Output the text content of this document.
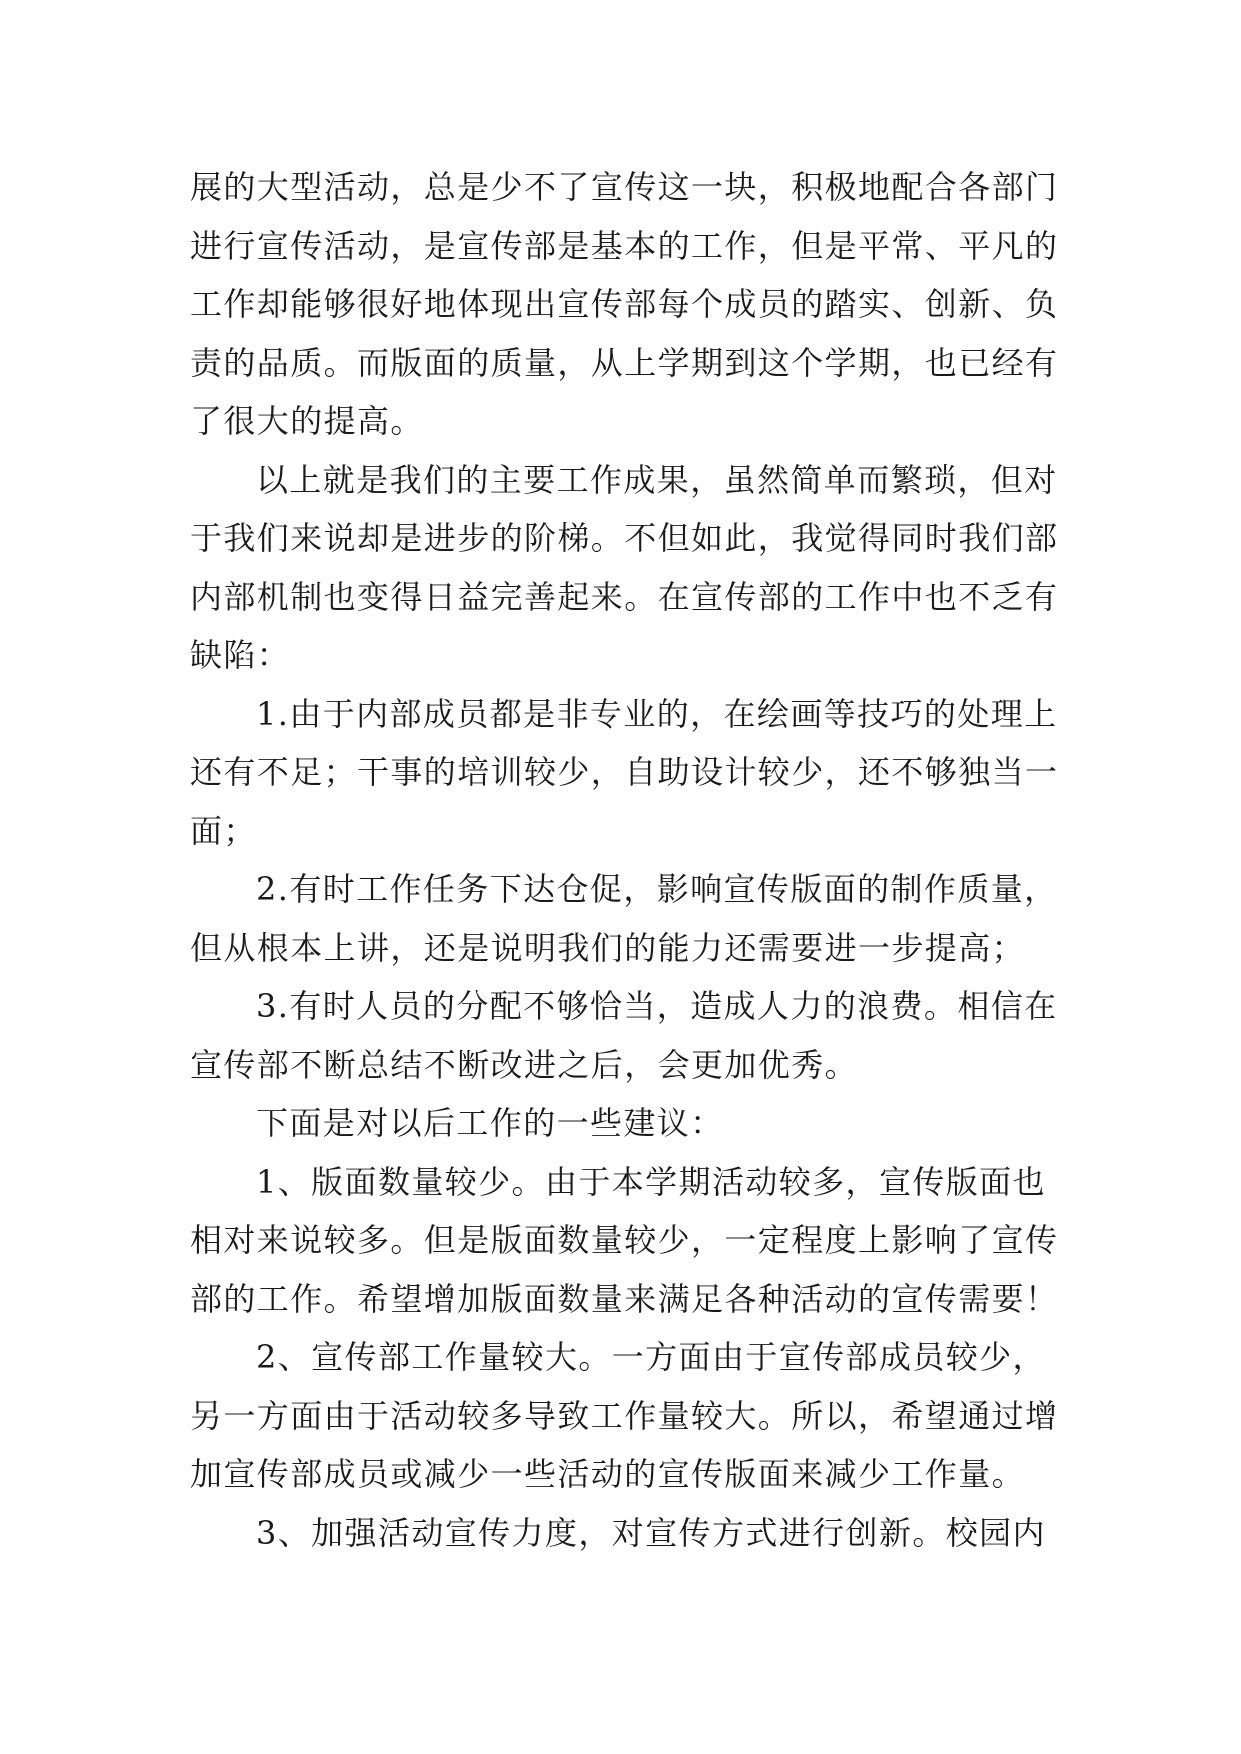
展的大型活动，总是少不了宣传这一块，积极地配合各部门进行宣传活动，是宣传部是基本的工作，但是平常、平凡的工作却能够很好地体现出宣传部每个成员的踏实、创新、负责的品质。而版面的质量，从上学期到这个学期，也已经有了很大的提高。

以上就是我们的主要工作成果，虽然简单而繁琐，但对于我们来说却是进步的阶梯。不但如此，我觉得同时我们部内部机制也变得日益完善起来。在宣传部的工作中也不乏有缺陷：

1.由于内部成员都是非专业的，在绘画等技巧的处理上还有不足；干事的培训较少，自助设计较少，还不够独当一面；

2.有时工作任务下达仓促，影响宣传版面的制作质量，但从根本上讲，还是说明我们的能力还需要进一步提高；

3.有时人员的分配不够恰当，造成人力的浪费。相信在宣传部不断总结不断改进之后，会更加优秀。

下面是对以后工作的一些建议：

1、版面数量较少。由于本学期活动较多，宣传版面也相对来说较多。但是版面数量较少，一定程度上影响了宣传部的工作。希望增加版面数量来满足各种活动的宣传需要！

2、宣传部工作量较大。一方面由于宣传部成员较少，另一方面由于活动较多导致工作量较大。所以，希望通过增加宣传部成员或减少一些活动的宣传版面来减少工作量。

3、加强活动宣传力度，对宣传方式进行创新。校园内
